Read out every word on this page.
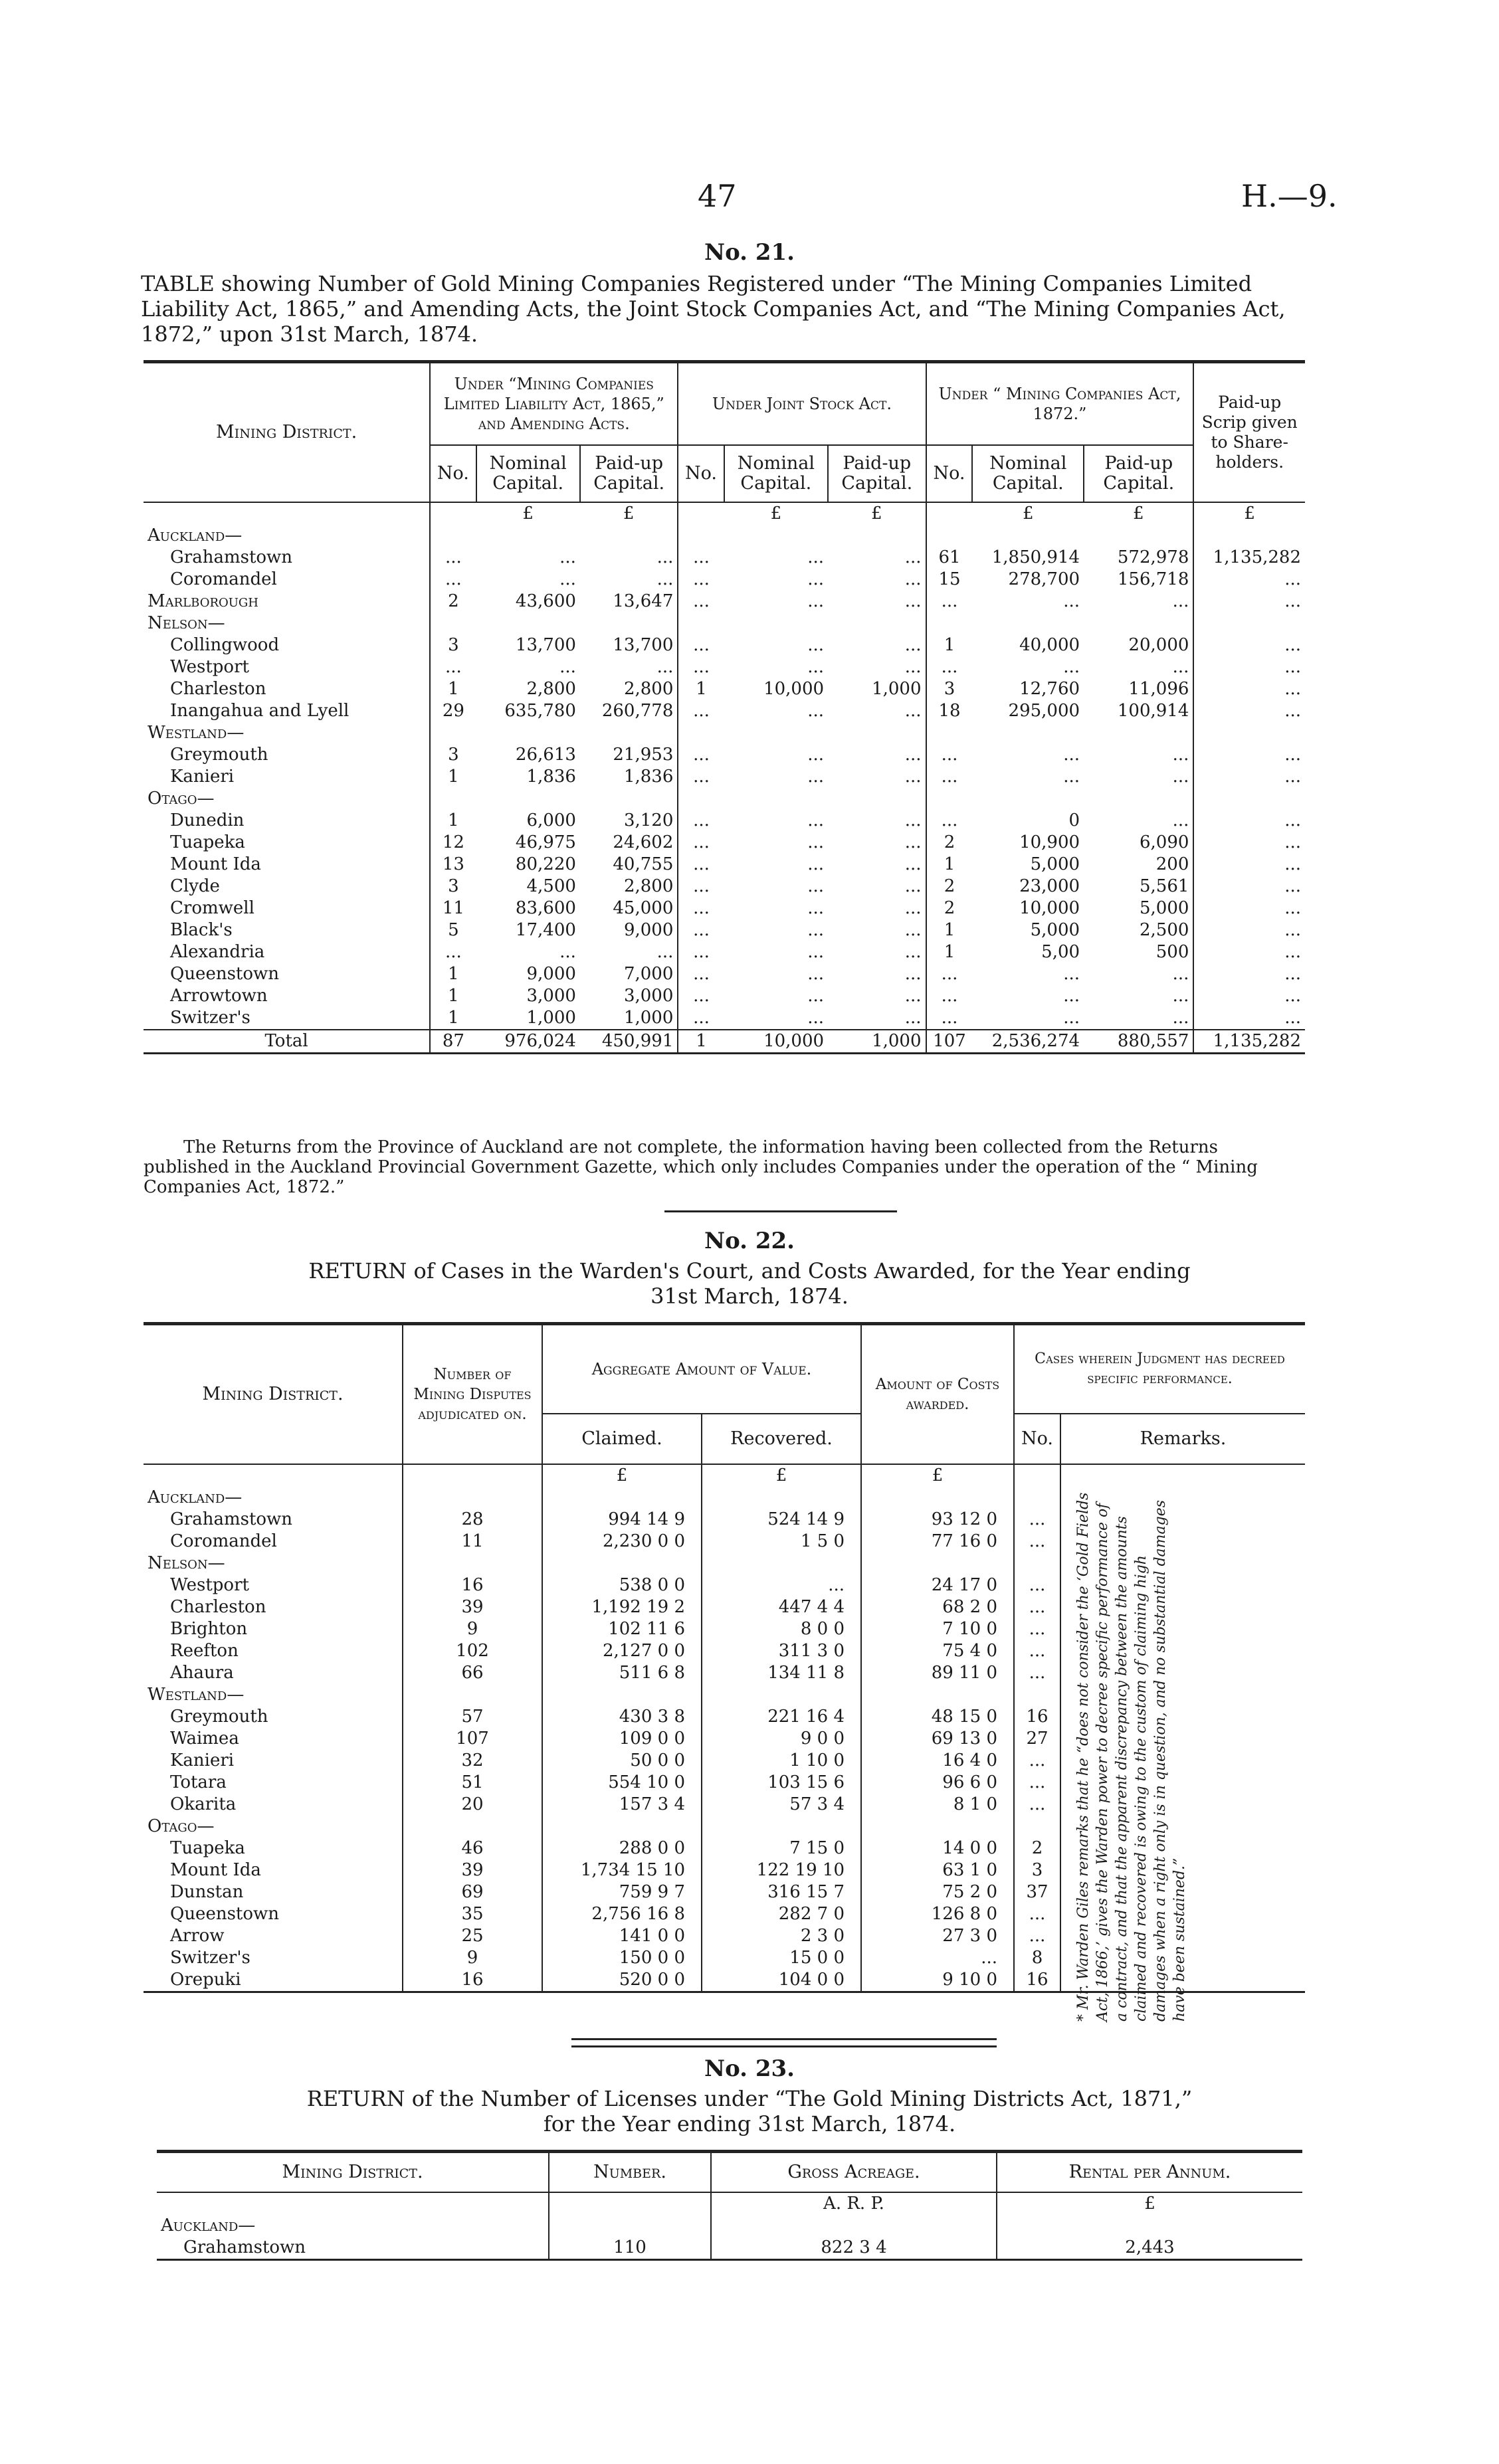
47	H.—9.
No. 21.
TABLE showing Number of Gold Mining Companies Registered under “The Mining Companies Limited Liability Act, 1865,” and Amending Acts, the Joint Stock Companies Act, and “The Mining Companies Act, 1872,” upon 31st March, 1874.
Mining District.	Under “Mining Companies Limited Liability Act, 1865,” and Amending Acts.			Under Joint Stock Act.			Under “ Mining Companies Act, 1872.”			Paid-up Scrip given to Share-holders.
	No.	Nominal Capital.	Paid-up Capital.	No.	Nominal Capital.	Paid-up Capital.	No.	Nominal Capital.	Paid-up Capital.	
		£	£		£	£		£	£	£
Auckland—										
Grahamstown	...	...	...	...	...	...	61	1,850,914	572,978	1,135,282
Coromandel	...	...	...	...	...	...	15	278,700	156,718	...
Marlborough	2	43,600	13,647	...	...	...	...	...	...	...
Nelson—										
Collingwood	3	13,700	13,700	...	...	...	1	40,000	20,000	...
Westport	...	...	...	...	...	...	...	...	...	...
Charleston	1	2,800	2,800	1	10,000	1,000	3	12,760	11,096	...
Inangahua and Lyell	29	635,780	260,778	...	...	...	18	295,000	100,914	...
Westland—										
Greymouth	3	26,613	21,953	...	...	...	...	...	...	...
Kanieri	1	1,836	1,836	...	...	...	...	...	...	...
Otago—										
Dunedin	1	6,000	3,120	...	...	...	...	0	...	...
Tuapeka	12	46,975	24,602	...	...	...	2	10,900	6,090	...
Mount Ida	13	80,220	40,755	...	...	...	1	5,000	200	...
Clyde	3	4,500	2,800	...	...	...	2	23,000	5,561	...
Cromwell	11	83,600	45,000	...	...	...	2	10,000	5,000	...
Black's	5	17,400	9,000	...	...	...	1	5,000	2,500	...
Alexandria	...	...	...	...	...	...	1	5,00	500	...
Queenstown	1	9,000	7,000	...	...	...	...	...	...	...
Arrowtown	1	3,000	3,000	...	...	...	...	...	...	...
Switzer's	1	1,000	1,000	...	...	...	...	...	...	...
Total	87	976,024	450,991	1	10,000	1,000	107	2,536,274	880,557	1,135,282
The Returns from the Province of Auckland are not complete, the information having been collected from the Returns published in the Auckland Provincial Government Gazette, which only includes Companies under the operation of the “ Mining Companies Act, 1872.”
No. 22.
RETURN of Cases in the Warden's Court, and Costs Awarded, for the Year ending
31st March, 1874.
Mining District.	Number of Mining Disputes adjudicated on.	Aggregate Amount of Value.		Amount of Costs awarded.	Cases wherein Judgment has decreed specific performance.	
		Claimed.	Recovered.		No.	Remarks.
		£	£	£		
Auckland—						
Grahamstown	28	994 14 9	524 14 9	93 12 0	...	
Coromandel	11	2,230 0 0	1 5 0	77 16 0	...	
Nelson—						
Westport	16	538 0 0	...	24 17 0	...	
Charleston	39	1,192 19 2	447 4 4	68 2 0	...	
Brighton	9	102 11 6	8 0 0	7 10 0	...	
Reefton	102	2,127 0 0	311 3 0	75 4 0	...	
Ahaura	66	511 6 8	134 11 8	89 11 0	...	
Westland—						
Greymouth	57	430 3 8	221 16 4	48 15 0	16	
Waimea	107	109 0 0	9 0 0	69 13 0	27	
Kanieri	32	50 0 0	1 10 0	16 4 0	...	
Totara	51	554 10 0	103 15 6	96 6 0	...	
Okarita	20	157 3 4	57 3 4	8 1 0	...	
Otago—						
Tuapeka	46	288 0 0	7 15 0	14 0 0	2	
Mount Ida	39	1,734 15 10	122 19 10	63 1 0	3	
Dunstan	69	759 9 7	316 15 7	75 2 0	37	
Queenstown	35	2,756 16 8	282 7 0	126 8 0	...	
Arrow	25	141 0 0	2 3 0	27 3 0	...	
Switzer's	9	150 0 0	15 0 0	...	8	
Orepuki	16	520 0 0	104 0 0	9 10 0	16	* Mr. Warden Giles remarks that he “does not consider the ‘Gold Fields Act, 1866,’ gives the Warden power to decree specific performance of a contract, and that the apparent discrepancy between the amounts claimed and recovered is owing to the custom of claiming high damages when a right only is in question, and no substantial damages have been sustained.”
No. 23.
RETURN of the Number of Licenses under “The Gold Mining Districts Act, 1871,”
for the Year ending 31st March, 1874.
Mining District.	Number.	Gross Acreage.	Rental per Annum.
		A. R. P.	£
Auckland—			
Grahamstown	110	822 3 4	2,443
